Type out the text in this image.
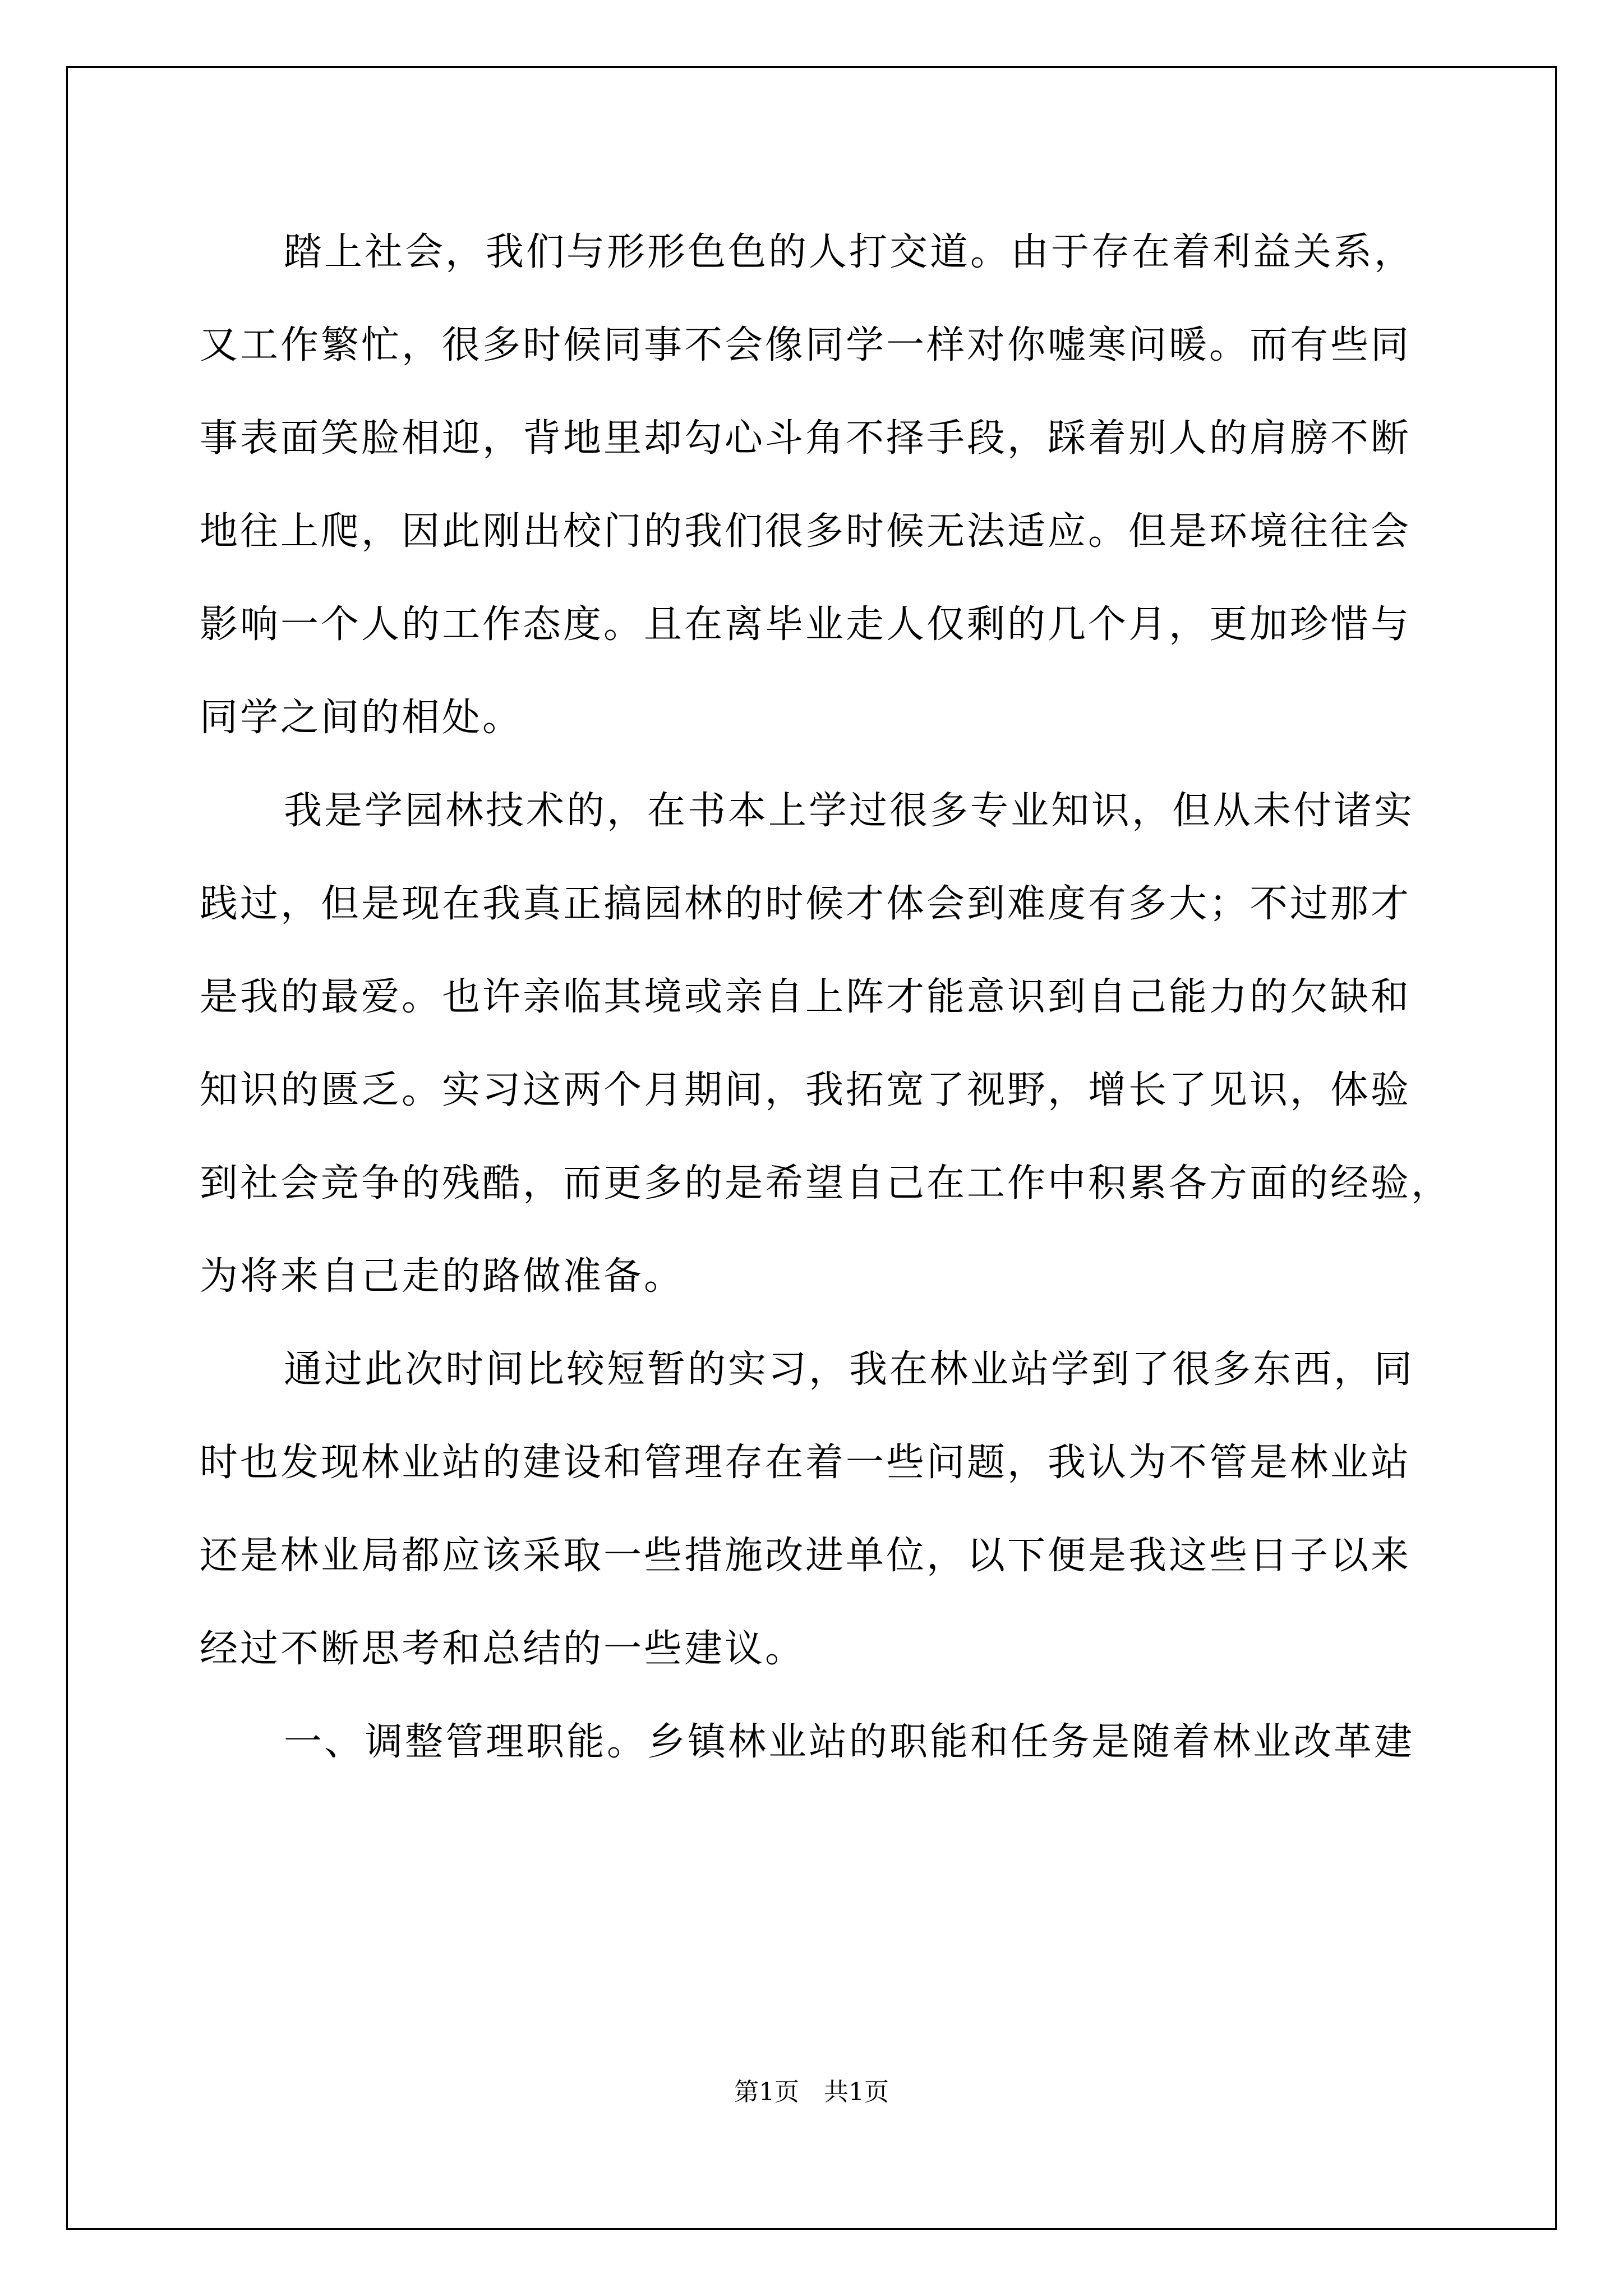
踏上社会，我们与形形色色的人打交道。由于存在着利益关系，
又工作繁忙，很多时候同事不会像同学一样对你嘘寒问暖。而有些同
事表面笑脸相迎，背地里却勾心斗角不择手段，踩着别人的肩膀不断
地往上爬，因此刚出校门的我们很多时候无法适应。但是环境往往会
影响一个人的工作态度。且在离毕业走人仅剩的几个月，更加珍惜与
同学之间的相处。
我是学园林技术的，在书本上学过很多专业知识，但从未付诸实
践过，但是现在我真正搞园林的时候才体会到难度有多大；不过那才
是我的最爱。也许亲临其境或亲自上阵才能意识到自己能力的欠缺和
知识的匮乏。实习这两个月期间，我拓宽了视野，增长了见识，体验
到社会竞争的残酷，而更多的是希望自己在工作中积累各方面的经验，
为将来自己走的路做准备。
通过此次时间比较短暂的实习，我在林业站学到了很多东西，同
时也发现林业站的建设和管理存在着一些问题，我认为不管是林业站
还是林业局都应该采取一些措施改进单位，以下便是我这些日子以来
经过不断思考和总结的一些建议。
一、调整管理职能。乡镇林业站的职能和任务是随着林业改革建
第1页　共1页
